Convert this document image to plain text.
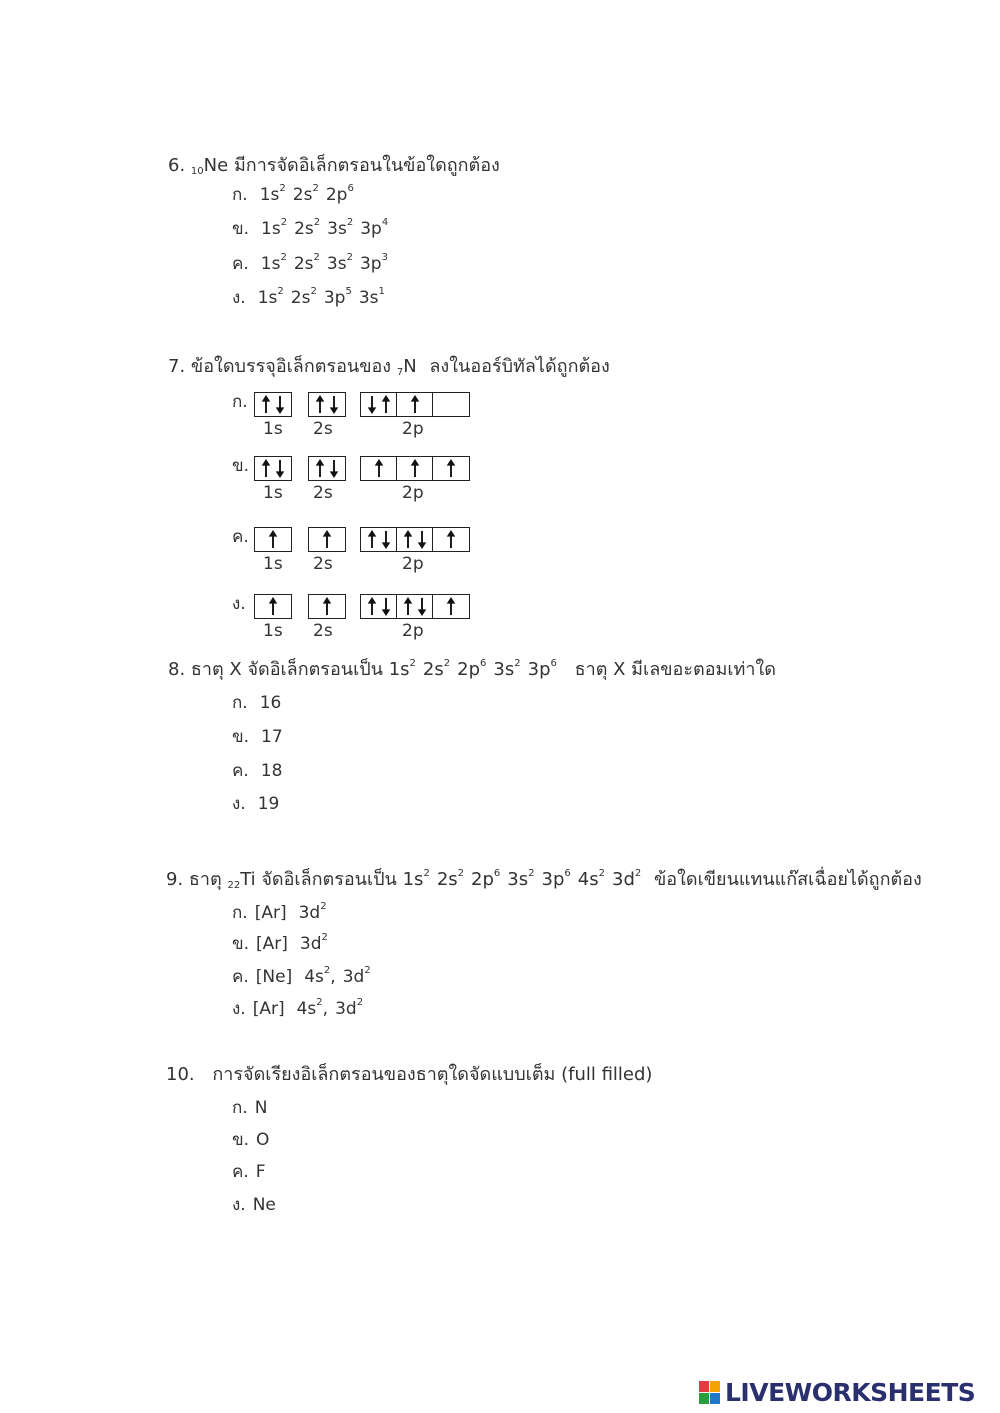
6. $_{10}$Ne มีการจัดอิเล็กตรอนในข้อใดถูกต้อง
ก. $1s^2$ $2s^2$ $2p^6$
ข. $1s^2$ $2s^2$ $3s^2$ $3p^4$
ค. $1s^2$ $2s^2$ $3s^2$ $3p^3$
ง. $1s^2$ $2s^2$ $3p^5$ $3s^1$
7. ข้อใดบรรจุอิเล็กตรอนของ $_7$N ลงในออร์บิทัลได้ถูกต้อง
ก.
1s 2s	2p
ข.
1s 2s	2p
ค.
1s 2s	2p
ง.
1s 2s	2p
8. ธาตุ X จัดอิเล็กตรอนเป็น $1s^2$ $2s^2$ $2p^6$ $3s^2$ $3p^6$ ธาตุ X มีเลขอะตอมเท่าใด
ก. 16
ข. 17
ค. 18
ง. 19
9. ธาตุ $_{22}$Ti จัดอิเล็กตรอนเป็น $1s^2$ $2s^2$ $2p^6$ $3s^2$ $3p^6$ $4s^2$ $3d^2$ ข้อใดเขียนแทนแก๊สเฉื่อยได้ถูกต้อง
ก. [Ar] $3d^2$
ข. [Ar] $3d^2$
ค. [Ne] $4s^2$, $3d^2$
ง. [Ar] $4s^2$, $3d^2$
10. การจัดเรียงอิเล็กตรอนของธาตุใดจัดแบบเต็ม (full filled)
ก. N
ข. O
ค. F
ง. Ne
LIVEWORKSHEETS
